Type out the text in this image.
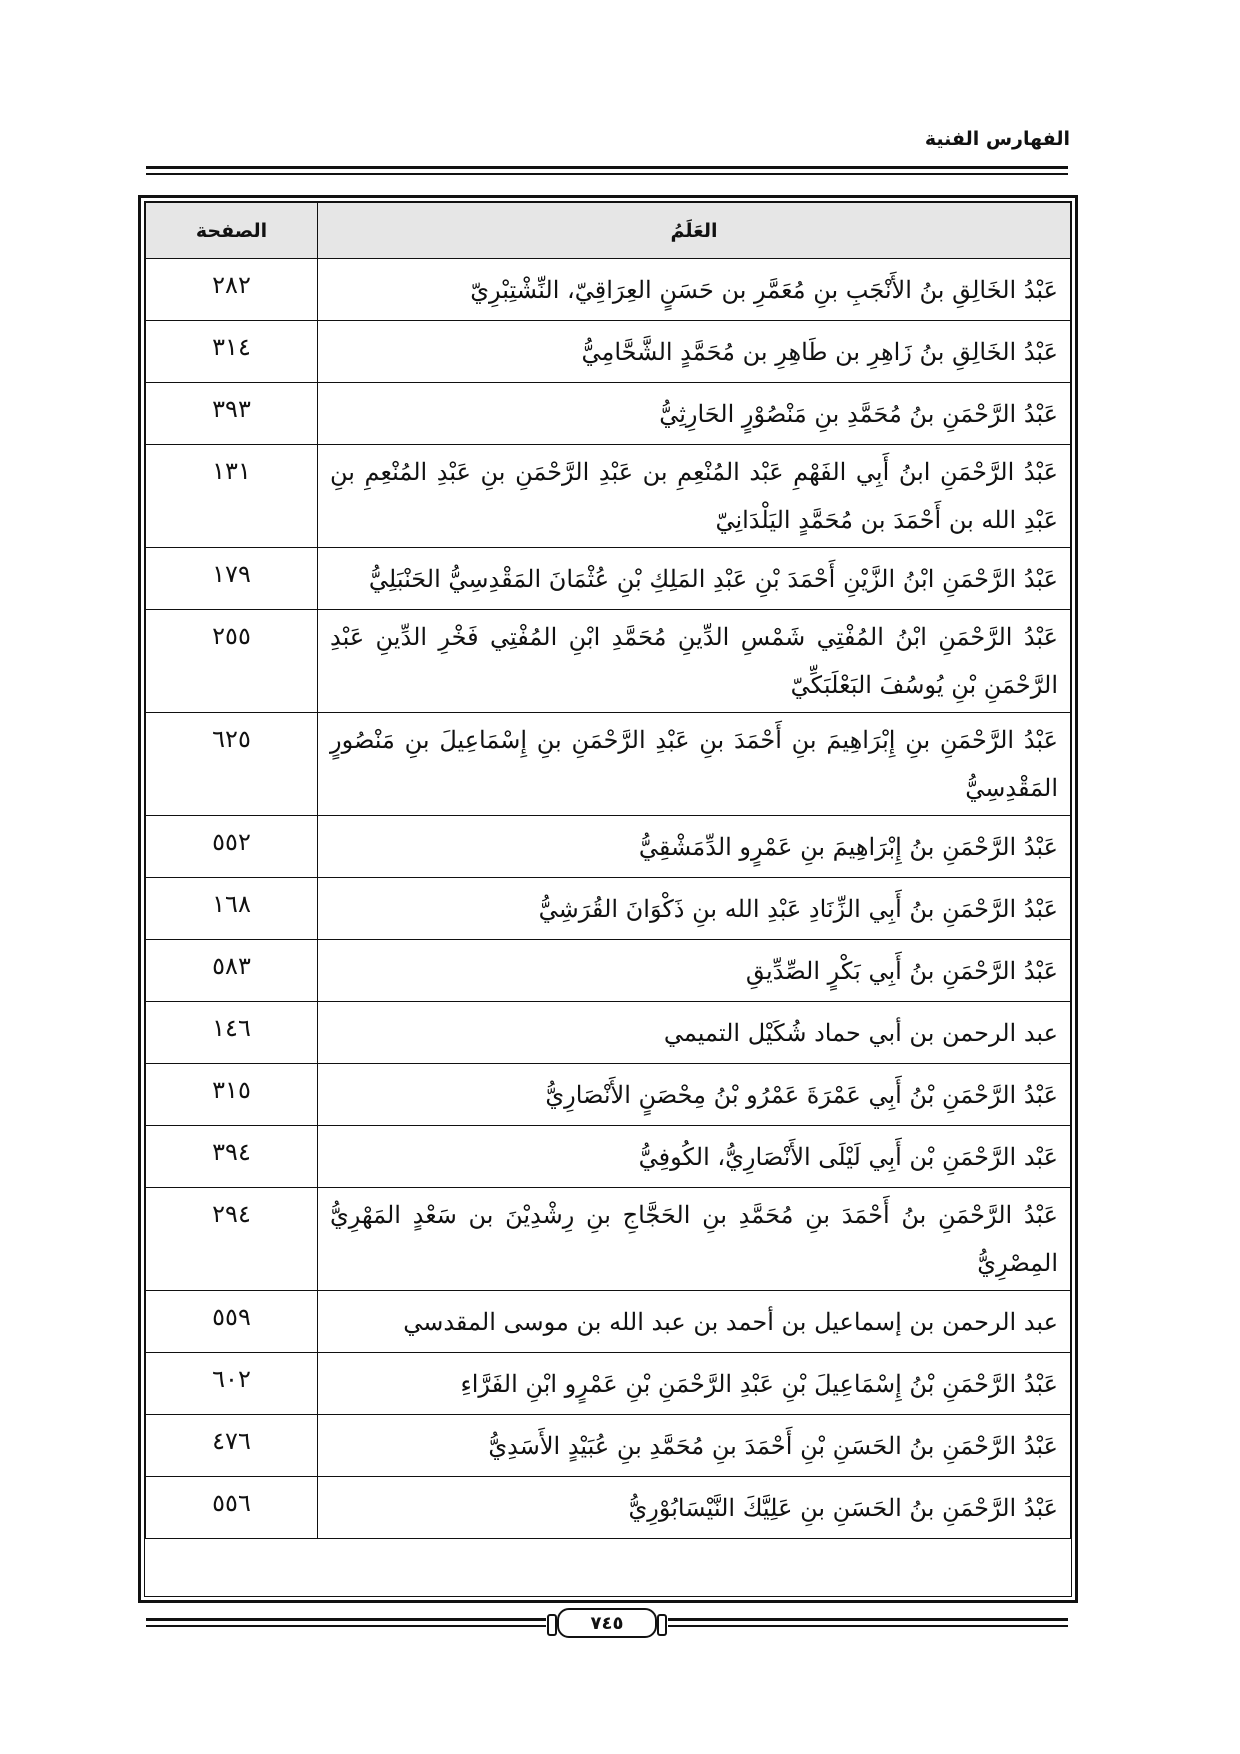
الفهارس الفنية
العَلَمُ	الصفحة
عَبْدُ الخَالِقِ بنُ الأَنْجَبِ بنِ مُعَمَّرِ بن حَسَنٍ العِرَاقِيّ، النِّشْتِبْرِيّ	٢٨٢
عَبْدُ الخَالِقِ بنُ زَاهِرِ بن طَاهِرِ بن مُحَمَّدٍ الشَّحَّامِيُّ	٣١٤
عَبْدُ الرَّحْمَنِ بنُ مُحَمَّدِ بنِ مَنْصُوْرٍ الحَارِثِيُّ	٣٩٣
عَبْدُ الرَّحْمَنِ ابنُ أَبِي الفَهْمِ عَبْد المُنْعِمِ بن عَبْدِ الرَّحْمَنِ بنِ عَبْدِ المُنْعِمِ بنِ عَبْدِ الله بن أَحْمَدَ بن مُحَمَّدٍ اليَلْدَانِيّ	١٣١
عَبْدُ الرَّحْمَنِ ابْنُ الزَّيْنِ أَحْمَدَ بْنِ عَبْدِ المَلِكِ بْنِ عُثْمَانَ المَقْدِسِيُّ الحَنْبَلِيُّ	١٧٩
عَبْدُ الرَّحْمَنِ ابْنُ المُفْتِي شَمْسِ الدِّينِ مُحَمَّدِ ابْنِ المُفْتِي فَخْرِ الدِّينِ عَبْدِ الرَّحْمَنِ بْنِ يُوسُفَ البَعْلَبَكِّيّ	٢٥٥
عَبْدُ الرَّحْمَنِ بنِ إِبْرَاهِيمَ بنِ أَحْمَدَ بنِ عَبْدِ الرَّحْمَنِ بنِ إِسْمَاعِيلَ بنِ مَنْصُورٍ المَقْدِسِيُّ	٦٢٥
عَبْدُ الرَّحْمَنِ بنُ إِبْرَاهِيمَ بنِ عَمْرٍو الدِّمَشْقِيُّ	٥٥٢
عَبْدُ الرَّحْمَنِ بنُ أَبِي الزِّنَادِ عَبْدِ الله بنِ ذَكْوَانَ القُرَشِيُّ	١٦٨
عَبْدُ الرَّحْمَنِ بنُ أَبِي بَكْرٍ الصِّدِّيقِ	٥٨٣
عبد الرحمن بن أبي حماد شُكَيْل التميمي	١٤٦
عَبْدُ الرَّحْمَنِ بْنُ أَبِي عَمْرَةَ عَمْرُو بْنُ مِحْصَنٍ الأَنْصَارِيُّ	٣١٥
عَبْد الرَّحْمَنِ بْن أَبِي لَيْلَى الأَنْصَارِيُّ، الكُوفِيُّ	٣٩٤
عَبْدُ الرَّحْمَنِ بنُ أَحْمَدَ بنِ مُحَمَّدِ بنِ الحَجَّاجِ بنِ رِشْدِيْنَ بن سَعْدٍ المَهْرِيُّ المِصْرِيُّ	٢٩٤
عبد الرحمن بن إسماعيل بن أحمد بن عبد الله بن موسى المقدسي	٥٥٩
عَبْدُ الرَّحْمَنِ بْنُ إِسْمَاعِيلَ بْنِ عَبْدِ الرَّحْمَنِ بْنِ عَمْرٍو ابْنِ الفَرَّاءِ	٦٠٢
عَبْدُ الرَّحْمَنِ بنُ الحَسَنِ بْنِ أَحْمَدَ بنِ مُحَمَّدِ بنِ عُبَيْدٍ الأَسَدِيُّ	٤٧٦
عَبْدُ الرَّحْمَنِ بنُ الحَسَنِ بنِ عَلِيَّكَ النَّيْسَابُوْرِيُّ	٥٥٦
٧٤٥
